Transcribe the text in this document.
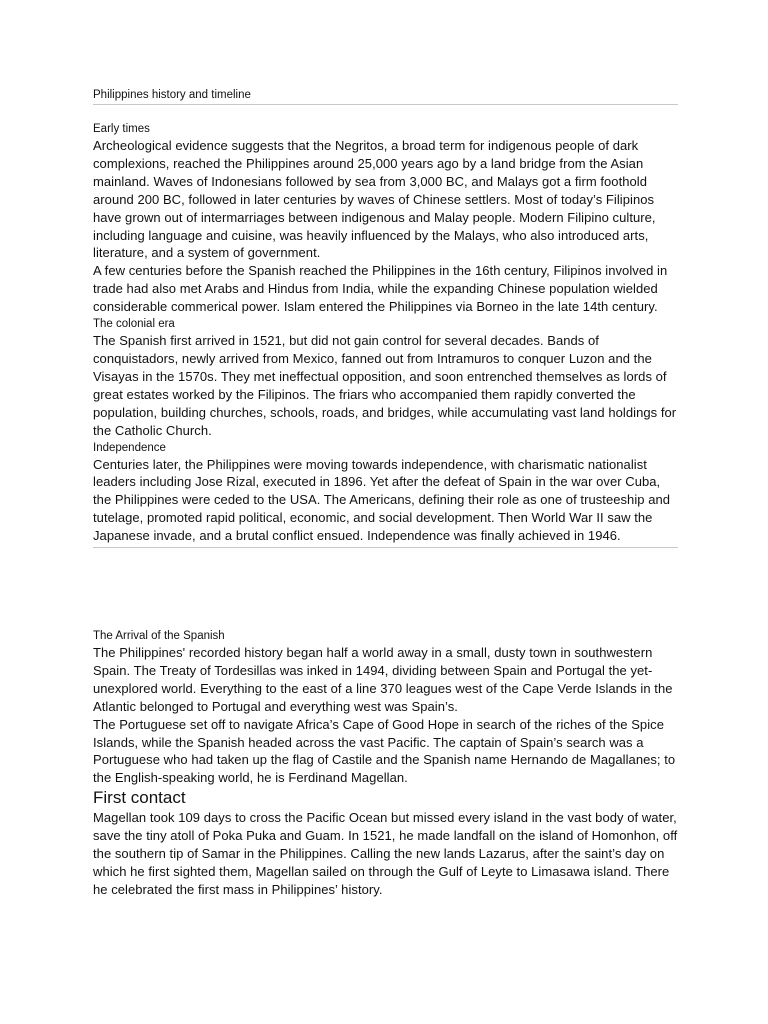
Philippines history and timeline

Early times

Archeological evidence suggests that the Negritos, a broad term for indigenous people of dark complexions, reached the Philippines around 25,000 years ago by a land bridge from the Asian mainland. Waves of Indonesians followed by sea from 3,000 BC, and Malays got a firm foothold around 200 BC, followed in later centuries by waves of Chinese settlers. Most of today’s Filipinos have grown out of intermarriages between indigenous and Malay people. Modern Filipino culture, including language and cuisine, was heavily influenced by the Malays, who also introduced arts, literature, and a system of government.

A few centuries before the Spanish reached the Philippines in the 16th century, Filipinos involved in trade had also met Arabs and Hindus from India, while the expanding Chinese population wielded considerable commerical power. Islam entered the Philippines via Borneo in the late 14th century.

The colonial era

The Spanish first arrived in 1521, but did not gain control for several decades. Bands of conquistadors, newly arrived from Mexico, fanned out from Intramuros to conquer Luzon and the Visayas in the 1570s. They met ineffectual opposition, and soon entrenched themselves as lords of great estates worked by the Filipinos. The friars who accompanied them rapidly converted the population, building churches, schools, roads, and bridges, while accumulating vast land holdings for the Catholic Church.

Independence

Centuries later, the Philippines were moving towards independence, with charismatic nationalist leaders including Jose Rizal, executed in 1896. Yet after the defeat of Spain in the war over Cuba, the Philippines were ceded to the USA. The Americans, defining their role as one of trusteeship and tutelage, promoted rapid political, economic, and social development. Then World War II saw the Japanese invade, and a brutal conflict ensued. Independence was finally achieved in 1946.

The Arrival of the Spanish

The Philippines' recorded history began half a world away in a small, dusty town in southwestern Spain. The Treaty of Tordesillas was inked in 1494, dividing between Spain and Portugal the yet-unexplored world. Everything to the east of a line 370 leagues west of the Cape Verde Islands in the Atlantic belonged to Portugal and everything west was Spain’s.

The Portuguese set off to navigate Africa’s Cape of Good Hope in search of the riches of the Spice Islands, while the Spanish headed across the vast Pacific. The captain of Spain’s search was a Portuguese who had taken up the flag of Castile and the Spanish name Hernando de Magallanes; to the English-speaking world, he is Ferdinand Magellan.

First contact

Magellan took 109 days to cross the Pacific Ocean but missed every island in the vast body of water, save the tiny atoll of Poka Puka and Guam. In 1521, he made landfall on the island of Homonhon, off the southern tip of Samar in the Philippines. Calling the new lands Lazarus, after the saint’s day on which he first sighted them, Magellan sailed on through the Gulf of Leyte to Limasawa island. There he celebrated the first mass in Philippines’ history.
